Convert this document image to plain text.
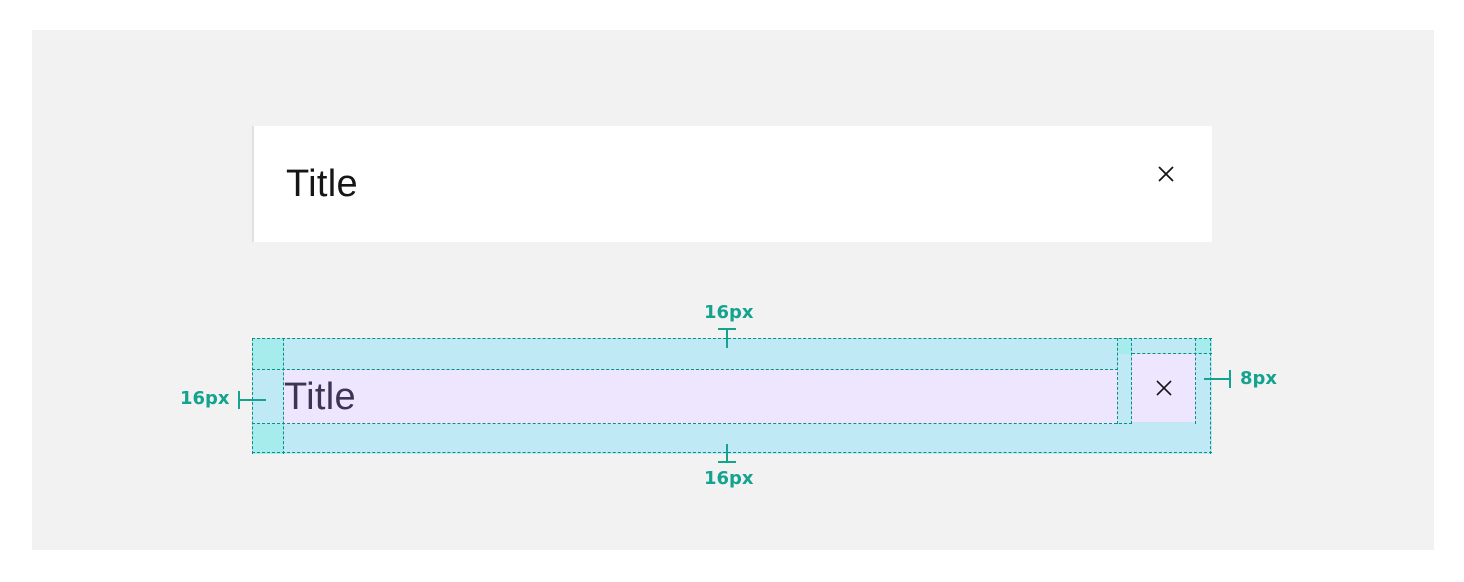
Title
Title
16px
16px
16px
8px
